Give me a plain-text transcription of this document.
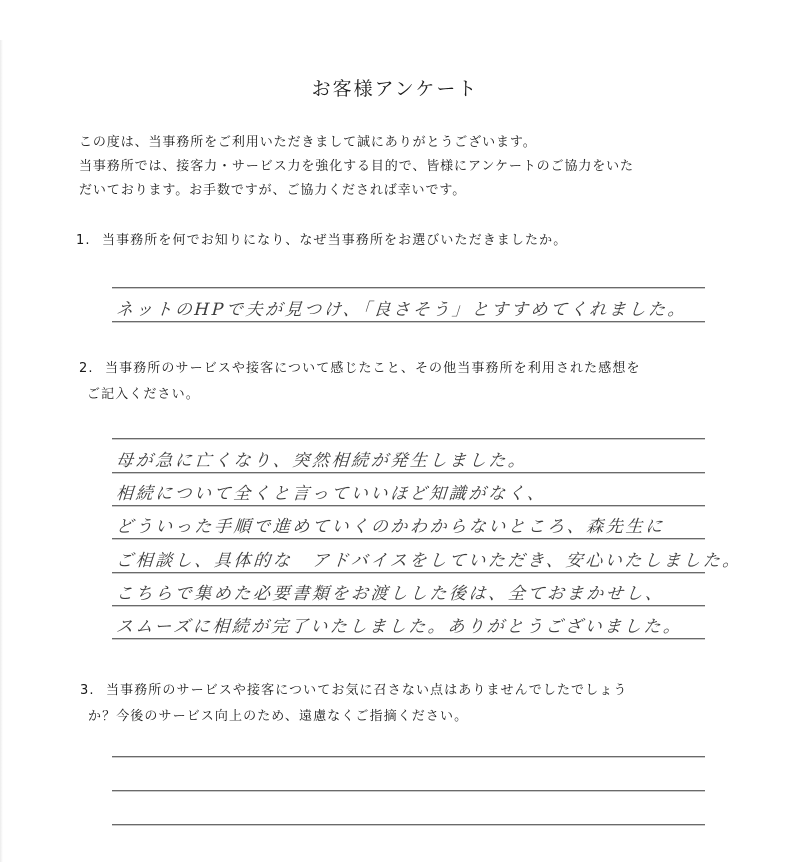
お客様アンケート
この度は、当事務所をご利用いただきまして誠にありがとうございます。
当事務所では、接客力・サービス力を強化する目的で、皆様にアンケートのご協力をいた
だいております。お手数ですが、ご協力くだされば幸いです。
1. 当事務所を何でお知りになり、なぜ当事務所をお選びいただきましたか。
ネットのHPで夫が見つけ、「良さそう」とすすめてくれました。
2. 当事務所のサービスや接客について感じたこと、その他当事務所を利用された感想を
ご記入ください。
母が急に亡くなり、突然相続が発生しました。
相続について全くと言っていいほど知識がなく、
どういった手順で進めていくのかわからないところ、森先生に
ご相談し、具体的な　アドバイスをしていただき、安心いたしました。
こちらで集めた必要書類をお渡しした後は、全ておまかせし、
スムーズに相続が完了いたしました。ありがとうございました。
3. 当事務所のサービスや接客についてお気に召さない点はありませんでしたでしょう
か？今後のサービス向上のため、遠慮なくご指摘ください。
